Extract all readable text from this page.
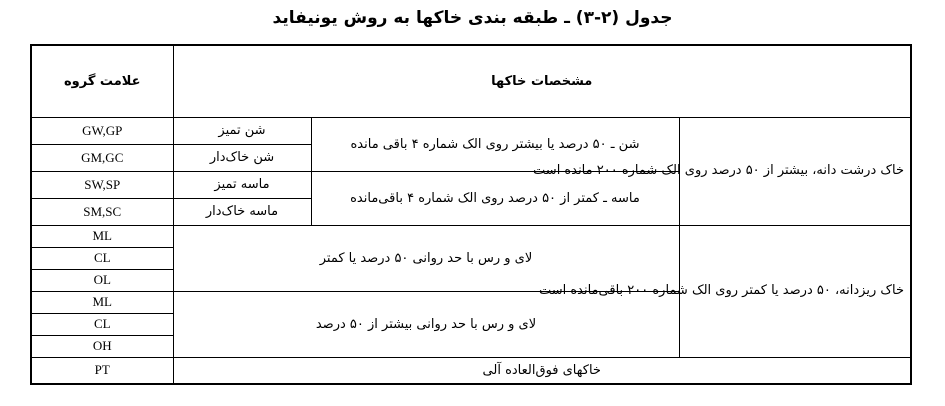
جدول (۲-۳) ـ طبقه بندی خاکها به روش یونیفاید
علامت گروه	مشخصات خاکها		
GW,GP	شن تمیز	شن ـ ۵۰ درصد یا بیشتر روی الک شماره ۴ باقی مانده	خاک درشت دانه، بیشتر از ۵۰ درصد روی الک شماره ۲۰۰ مانده است
GM,GC	شن خاک‌دار		
SW,SP	ماسه تمیز	ماسه ـ کمتر از ۵۰ درصد روی الک شماره ۴ باقی‌مانده	
SM,SC	ماسه خاک‌دار		
ML	لای و رس با حد روانی ۵۰ درصد یا کمتر		خاک ریزدانه، ۵۰ درصد یا کمتر روی الک شماره ۲۰۰ باقی‌مانده است
CL			
OL			
ML	لای و رس با حد روانی بیشتر از ۵۰ درصد		
CL			
OH			
PT	خاکهای فوق‌العاده آلی		
